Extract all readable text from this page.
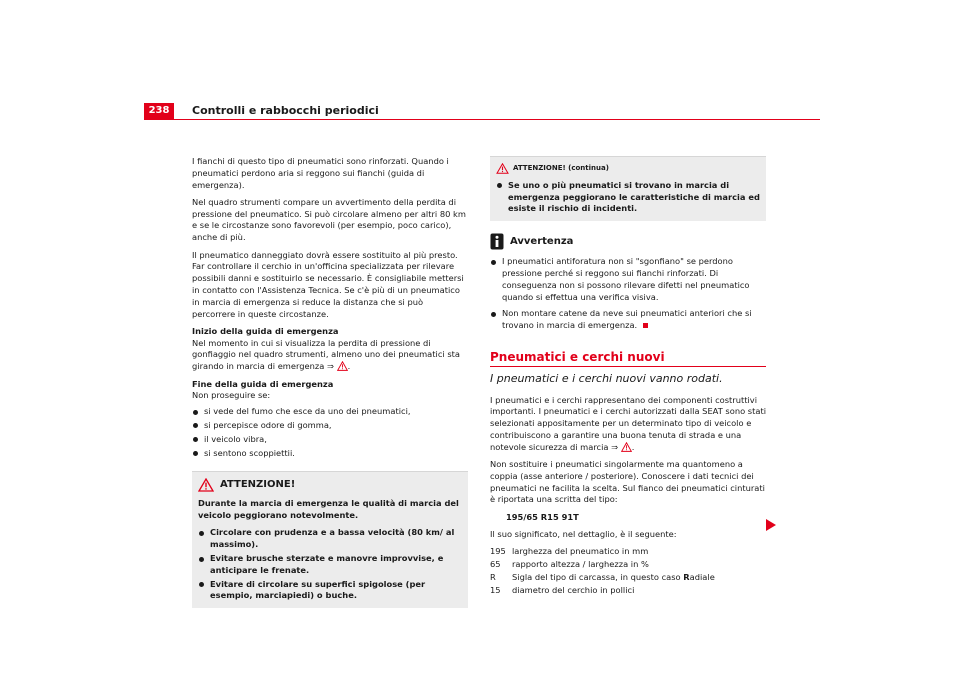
238	Controlli e rabbocchi periodici

I fianchi di questo tipo di pneumatici sono rinforzati. Quando i pneumatici perdono aria si reggono sui fianchi (guida di emergenza).

Nel quadro strumenti compare un avvertimento della perdita di pressione del pneumatico. Si può circolare almeno per altri 80 km e se le circostanze sono favorevoli (per esempio, poco carico), anche di più.

Il pneumatico danneggiato dovrà essere sostituito al più presto. Far controllare il cerchio in un'officina specializzata per rilevare possibili danni e sostituirlo se necessario. È consigliabile mettersi in contatto con l'Assistenza Tecnica. Se c'è più di un pneumatico in marcia di emergenza si reduce la distanza che si può percorrere in queste circostanze.

Inizio della guida di emergenza

Nel momento in cui si visualizza la perdita di pressione di gonfiaggio nel quadro strumenti, almeno uno dei pneumatici sta girando in marcia di emergenza ⇒ .

Fine della guida di emergenza
Non proseguire se:
si vede del fumo che esce da uno dei pneumatici,
si percepisce odore di gomma,
il veicolo vibra,
si sentono scoppiettii.
ATTENZIONE!

Durante la marcia di emergenza le qualità di marcia del veicolo peggiorano notevolmente.

Circolare con prudenza e a bassa velocità (80 km/ al massimo).
Evitare brusche sterzate e manovre improvvise, e anticipare le frenate.
Evitare di circolare su superfici spigolose (per esempio, marciapiedi) o buche.
ATTENZIONE! (continua)
Se uno o più pneumatici si trovano in marcia di emergenza peggiorano le caratteristiche di marcia ed esiste il rischio di incidenti.
Avvertenza
I pneumatici antiforatura non si "sgonfiano" se perdono pressione perché si reggono sui fianchi rinforzati. Di conseguenza non si possono rilevare difetti nel pneumatico quando si effettua una verifica visiva.
Non montare catene da neve sui pneumatici anteriori che si trovano in marcia di emergenza.
Pneumatici e cerchi nuovi
I pneumatici e i cerchi nuovi vanno rodati.

I pneumatici e i cerchi rappresentano dei componenti costruttivi importanti. I pneumatici e i cerchi autorizzati dalla SEAT sono stati selezionati appositamente per un determinato tipo di veicolo e contribuiscono a garantire una buona tenuta di strada e una notevole sicurezza di marcia ⇒ .

Non sostituire i pneumatici singolarmente ma quantomeno a coppia (asse anteriore / posteriore). Conoscere i dati tecnici dei pneumatici ne facilita la scelta. Sul fianco dei pneumatici cinturati è riportata una scritta del tipo:

195/65 R15 91T

Il suo significato, nel dettaglio, è il seguente:

195 larghezza del pneumatico in mm
65	rapporto altezza / larghezza in %
R	Sigla del tipo di carcassa, in questo caso Radiale
15	diametro del cerchio in pollici
